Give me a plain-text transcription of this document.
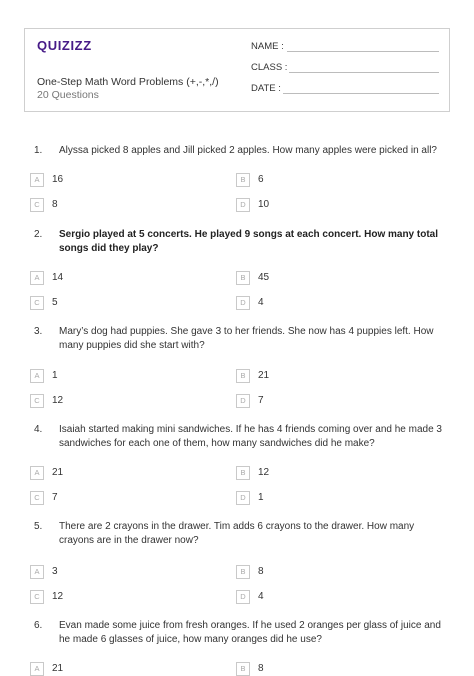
QUIZIZZ
One-Step Math Word Problems (+,-,*,/)
20 Questions
NAME :
CLASS :
DATE :
1.	Alyssa picked 8 apples and Jill picked 2 apples. How many apples were picked in all?
A	16	B	6
C	8	D	10
2.	Sergio played at 5 concerts. He played 9 songs at each concert. How many total songs did they play?
A	14	B	45
C	5	D	4
3.	Mary’s dog had puppies. She gave 3 to her friends. She now has 4 puppies left. How many puppies did she start with?
A	1	B	21
C	12	D	7
4.	Isaiah started making mini sandwiches. If he has 4 friends coming over and he made 3 sandwiches for each one of them, how many sandwiches did he make?
A	21	B	12
C	7	D	1
5.	There are 2 crayons in the drawer. Tim adds 6 crayons to the drawer. How many crayons are in the drawer now?
A	3	B	8
C	12	D	4
6.	Evan made some juice from fresh oranges. If he used 2 oranges per glass of juice and he made 6 glasses of juice, how many oranges did he use?
A	21	B	8
